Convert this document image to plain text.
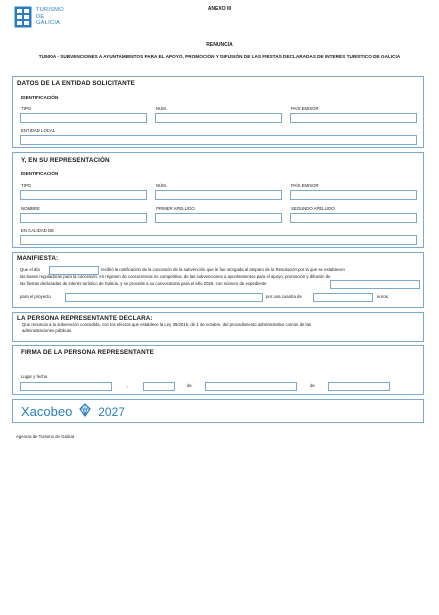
TURISMO
DE
GALICIA
ANEXO III
RENUNCIA
TU500A - SUBVENCIONES A AYUNTAMIENTOS PARA EL APOYO, PROMOCIÓN Y DIFUSIÓN DE LAS FIESTAS DECLARADAS DE INTERÉS TURÍSTICO DE GALICIA
DATOS DE LA ENTIDAD SOLICITANTE
IDENTIFICACIÓN
TIPO	NÚM.	PAÍS EMISOR
ENTIDAD LOCAL
Y, EN SU REPRESENTACIÓN
IDENTIFICACIÓN
TIPO	NÚM.	PAÍS EMISOR
NOMBRE	PRIMER APELLIDO	SEGUNDO APELLIDO
EN CALIDAD DE
MANIFIESTA:
Que el día	recibió la notificación de la concesión de la subvención que le fue otorgada al amparo de la Resolución por la que se establecen
las bases reguladoras para la concesión, en régimen de concurrencia no competitiva, de las subvenciones a ayuntamientos para el apoyo, promoción y difusión de
las fiestas declaradas de interés turístico de Galicia, y se procede a su convocatoria para el año 2026, con número de expediente
para el proyecto	por una cuantía de	euros.
LA PERSONA REPRESENTANTE DECLARA:
Que renuncia a la subvención concedida, con los efectos que establece la Ley 39/2015, de 1 de octubre, del procedimiento administrativo común de las
administraciones públicas.
FIRMA DE LA PERSONA REPRESENTANTE
Lugar y fecha
,	de	de
Xacobeo 2027
Agencia de Turismo de Galicia
